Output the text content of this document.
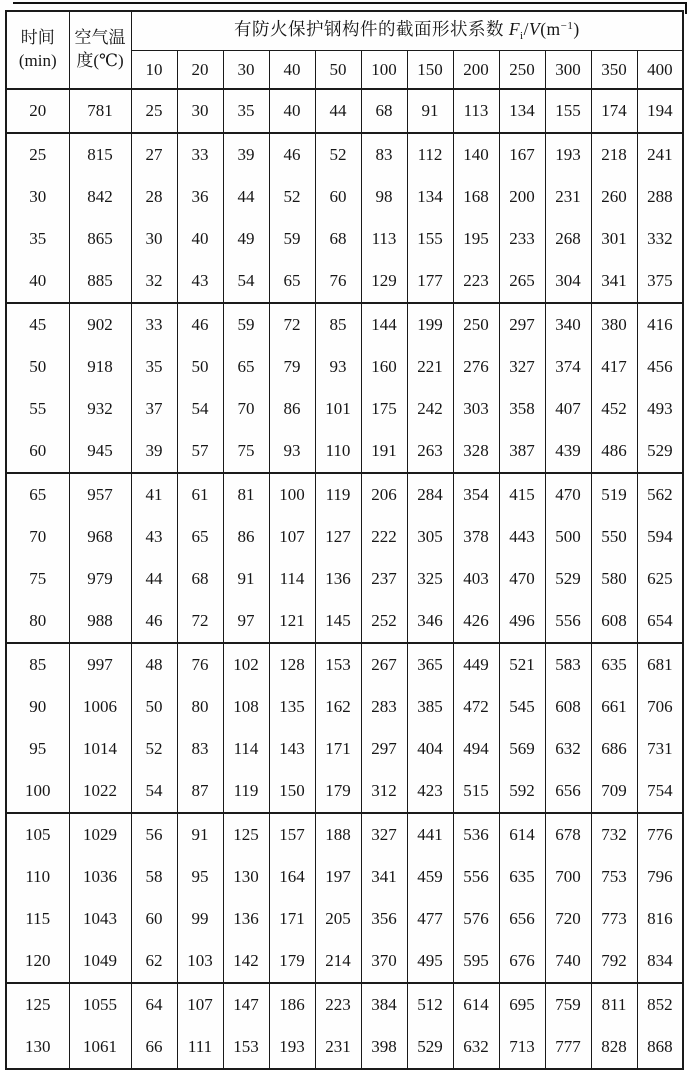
时间
(min)

空气温
度(℃)
	有防火保护钢构件的截面形状系数 $F_i/V(m^{-1})$
		10	20	30	40	50	100	150	200	250	300	350	400
20	781	25	30	35	40	44	68	91	113	134	155	174	194
25	815	27	33	39	46	52	83	112	140	167	193	218	241
30	842	28	36	44	52	60	98	134	168	200	231	260	288
35	865	30	40	49	59	68	113	155	195	233	268	301	332
40	885	32	43	54	65	76	129	177	223	265	304	341	375
45	902	33	46	59	72	85	144	199	250	297	340	380	416
50	918	35	50	65	79	93	160	221	276	327	374	417	456
55	932	37	54	70	86	101	175	242	303	358	407	452	493
60	945	39	57	75	93	110	191	263	328	387	439	486	529
65	957	41	61	81	100	119	206	284	354	415	470	519	562
70	968	43	65	86	107	127	222	305	378	443	500	550	594
75	979	44	68	91	114	136	237	325	403	470	529	580	625
80	988	46	72	97	121	145	252	346	426	496	556	608	654
85	997	48	76	102	128	153	267	365	449	521	583	635	681
90	1006	50	80	108	135	162	283	385	472	545	608	661	706
95	1014	52	83	114	143	171	297	404	494	569	632	686	731
100	1022	54	87	119	150	179	312	423	515	592	656	709	754
105	1029	56	91	125	157	188	327	441	536	614	678	732	776
110	1036	58	95	130	164	197	341	459	556	635	700	753	796
115	1043	60	99	136	171	205	356	477	576	656	720	773	816
120	1049	62	103	142	179	214	370	495	595	676	740	792	834
125	1055	64	107	147	186	223	384	512	614	695	759	811	852
130	1061	66	111	153	193	231	398	529	632	713	777	828	868
